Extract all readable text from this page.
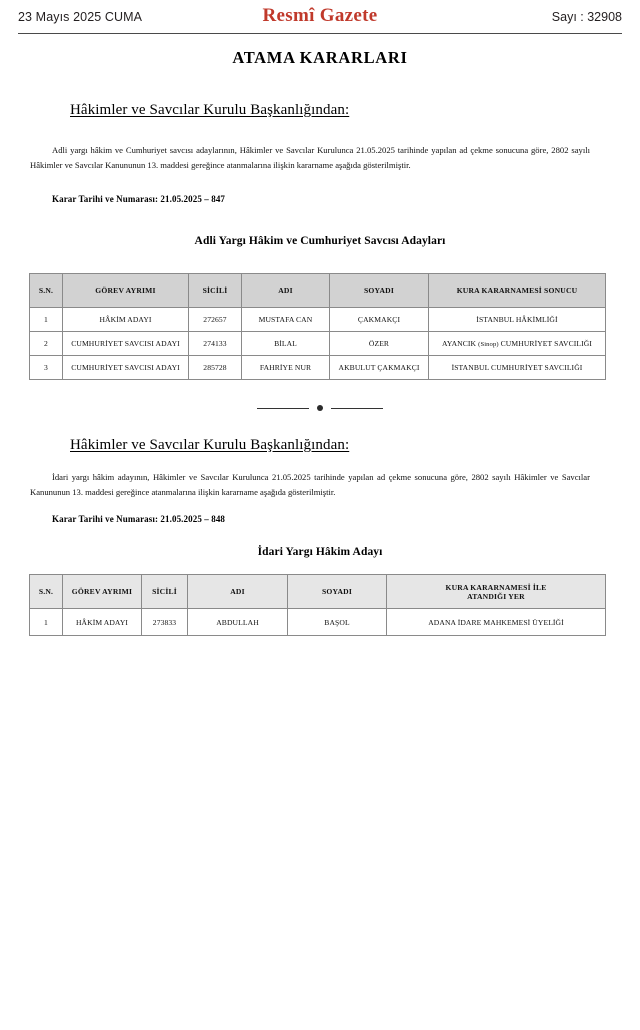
23 Mayıs 2025 CUMA	Resmî Gazete	Sayı : 32908
ATAMA KARARLARI
Hâkimler ve Savcılar Kurulu Başkanlığından:
Adli yargı hâkim ve Cumhuriyet savcısı adaylarının, Hâkimler ve Savcılar Kurulunca 21.05.2025 tarihinde yapılan ad çekme sonucuna göre, 2802 sayılı Hâkimler ve Savcılar Kanununun 13. maddesi gereğince atanmalarına ilişkin kararname aşağıda gösterilmiştir.
Karar Tarihi ve Numarası: 21.05.2025 – 847
Adli Yargı Hâkim ve Cumhuriyet Savcısı Adayları
S.N.	GÖREV AYRIMI	SİCİLİ	ADI	SOYADI	KURA KARARNAMESİ SONUCU
1	HÂKİM ADAYI	272657	MUSTAFA CAN	ÇAKMAKÇI	İSTANBUL HÂKİMLİĞİ
2	CUMHURİYET SAVCISI ADAYI	274133	BİLAL	ÖZER	AYANCIK (Sinop) CUMHURİYET SAVCILIĞI
3	CUMHURİYET SAVCISI ADAYI	285728	FAHRİYE NUR	AKBULUT ÇAKMAKÇI	İSTANBUL CUMHURİYET SAVCILIĞI
Hâkimler ve Savcılar Kurulu Başkanlığından:
İdari yargı hâkim adayının, Hâkimler ve Savcılar Kurulunca 21.05.2025 tarihinde yapılan ad çekme sonucuna göre, 2802 sayılı Hâkimler ve Savcılar Kanununun 13. maddesi gereğince atanmalarına ilişkin kararname aşağıda gösterilmiştir.
Karar Tarihi ve Numarası: 21.05.2025 – 848
İdari Yargı Hâkim Adayı
S.N.	GÖREV AYRIMI	SİCİLİ	ADI	SOYADI	KURA KARARNAMESİ İLE
ATANDIĞI YER
1	HÂKİM ADAYI	273833	ABDULLAH	BAŞOL	ADANA İDARE MAHKEMESİ ÜYELİĞİ
